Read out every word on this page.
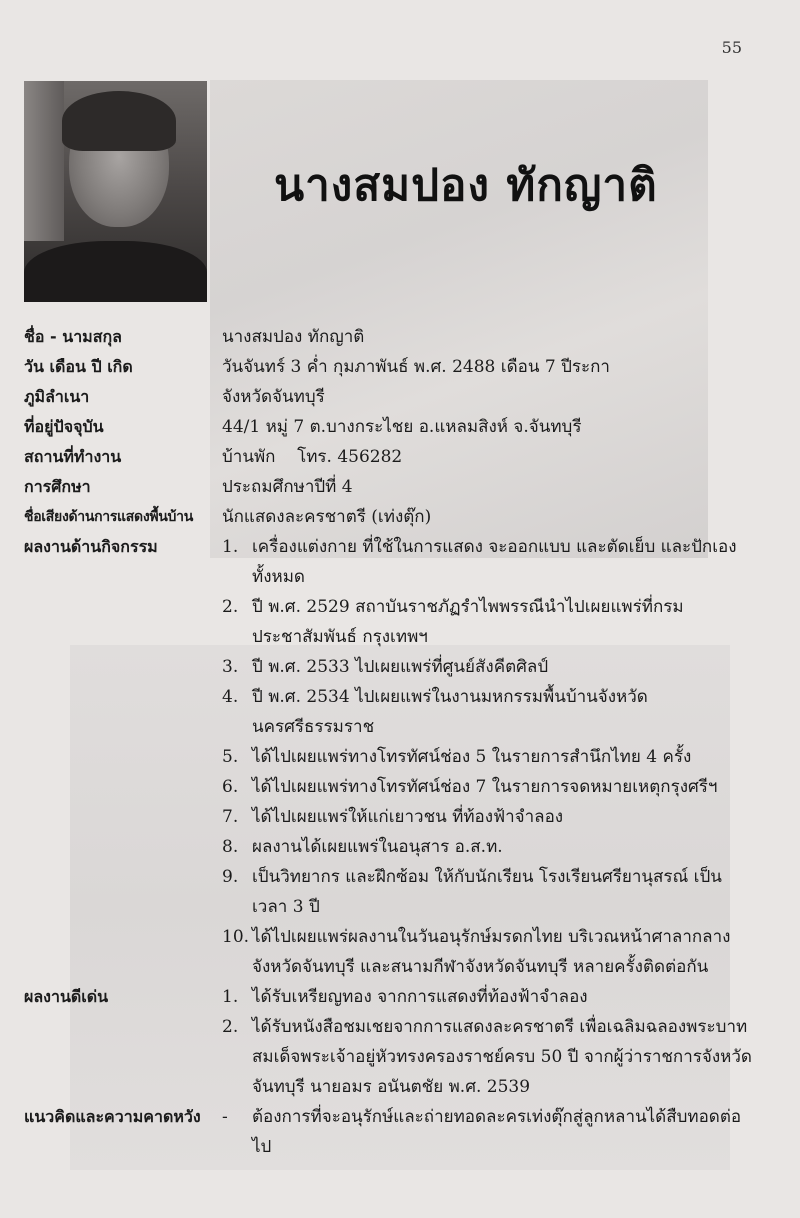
55
นางสมปอง ทักญาติ
ชื่อ - นามสกุล	นางสมปอง ทักญาติ
วัน เดือน ปี เกิด	วันจันทร์ 3 ค่ำ กุมภาพันธ์ พ.ศ. 2488 เดือน 7 ปีระกา
ภูมิลำเนา	จังหวัดจันทบุรี
ที่อยู่ปัจจุบัน	44/1 หมู่ 7 ต.บางกระไชย อ.แหลมสิงห์ จ.จันทบุรี
สถานที่ทำงาน	บ้านพัก    โทร. 456282
การศึกษา	ประถมศึกษาปีที่ 4
ชื่อเสียงด้านการแสดงพื้นบ้าน	นักแสดงละครชาตรี (เท่งตุ๊ก)
ผลงานด้านกิจกรรม	1. เครื่องแต่งกาย ที่ใช้ในการแสดง จะออกแบบ และตัดเย็บ และปักเองทั้งหมด
2. ปี พ.ศ. 2529 สถาบันราชภัฏรำไพพรรณีนำไปเผยแพร่ที่กรมประชาสัมพันธ์ กรุงเทพฯ
3. ปี พ.ศ. 2533 ไปเผยแพร่ที่ศูนย์สังคีตศิลป์
4. ปี พ.ศ. 2534 ไปเผยแพร่ในงานมหกรรมพื้นบ้านจังหวัดนครศรีธรรมราช
5. ได้ไปเผยแพร่ทางโทรทัศน์ช่อง 5 ในรายการสำนึกไทย 4 ครั้ง
6. ได้ไปเผยแพร่ทางโทรทัศน์ช่อง 7 ในรายการจดหมายเหตุกรุงศรีฯ
7. ได้ไปเผยแพร่ให้แก่เยาวชน ที่ท้องฟ้าจำลอง
8. ผลงานได้เผยแพร่ในอนุสาร อ.ส.ท.
9. เป็นวิทยากร และฝึกซ้อม ให้กับนักเรียน โรงเรียนศรียานุสรณ์ เป็นเวลา 3 ปี
10. ได้ไปเผยแพร่ผลงานในวันอนุรักษ์มรดกไทย บริเวณหน้าศาลากลางจังหวัดจันทบุรี และสนามกีฬาจังหวัดจันทบุรี หลายครั้งติดต่อกัน
ผลงานดีเด่น	1. ได้รับเหรียญทอง จากการแสดงที่ท้องฟ้าจำลอง
2. ได้รับหนังสือชมเชยจากการแสดงละครชาตรี เพื่อเฉลิมฉลองพระบาทสมเด็จพระเจ้าอยู่หัวทรงครองราชย์ครบ 50 ปี จากผู้ว่าราชการจังหวัดจันทบุรี นายอมร อนันตชัย พ.ศ. 2539
แนวคิดและความคาดหวัง	-	ต้องการที่จะอนุรักษ์และถ่ายทอดละครเท่งตุ๊กสู่ลูกหลานได้สืบทอดต่อไป
